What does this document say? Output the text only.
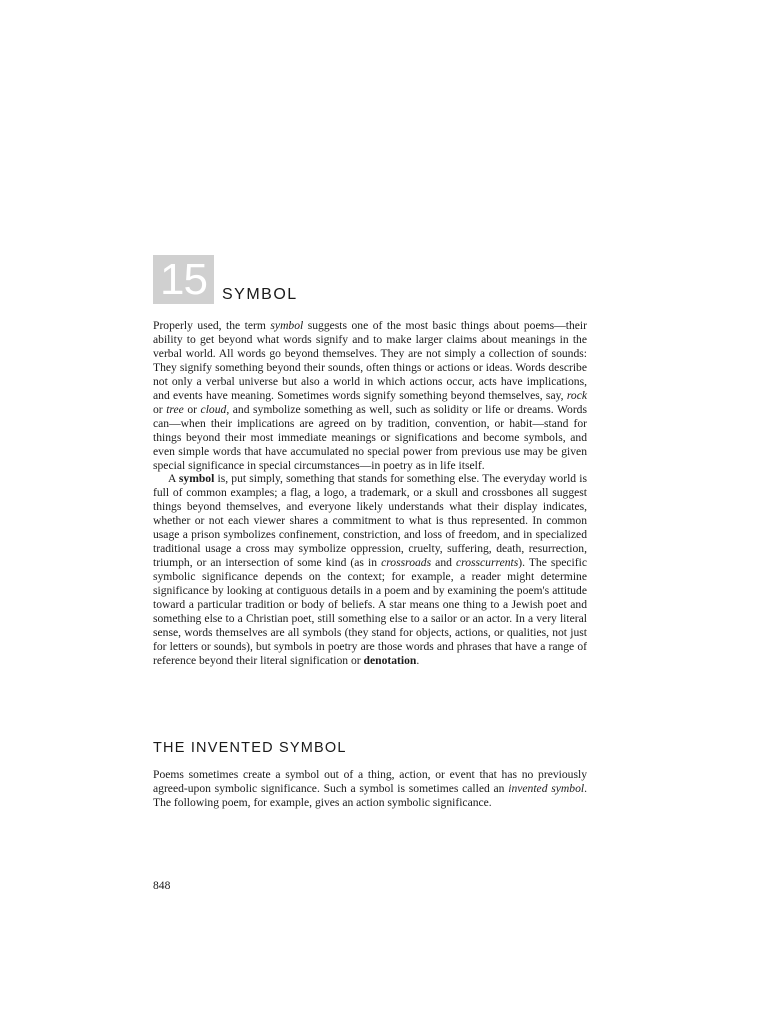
15 SYMBOL

Properly used, the term symbol suggests one of the most basic things about poems—their ability to get beyond what words signify and to make larger claims about meanings in the verbal world. All words go beyond themselves. They are not simply a collection of sounds: They signify something beyond their sounds, often things or actions or ideas. Words describe not only a verbal universe but also a world in which actions occur, acts have implications, and events have meaning. Sometimes words signify something beyond themselves, say, rock or tree or cloud, and symbolize something as well, such as solidity or life or dreams. Words can—when their implications are agreed on by tradition, convention, or habit—stand for things beyond their most immediate meanings or significations and become symbols, and even simple words that have accumulated no special power from previous use may be given special significance in special circumstances—in poetry as in life itself.

A symbol is, put simply, something that stands for something else. The everyday world is full of common examples; a flag, a logo, a trademark, or a skull and crossbones all suggest things beyond themselves, and everyone likely understands what their display indicates, whether or not each viewer shares a commitment to what is thus represented. In common usage a prison symbolizes confinement, constriction, and loss of freedom, and in specialized traditional usage a cross may symbolize oppression, cruelty, suffering, death, resurrection, triumph, or an intersection of some kind (as in crossroads and crosscurrents). The specific symbolic significance depends on the context; for example, a reader might determine significance by looking at contiguous details in a poem and by examining the poem's attitude toward a particular tradition or body of beliefs. A star means one thing to a Jewish poet and something else to a Christian poet, still something else to a sailor or an actor. In a very literal sense, words themselves are all symbols (they stand for objects, actions, or qualities, not just for letters or sounds), but symbols in poetry are those words and phrases that have a range of reference beyond their literal signification or denotation.

THE INVENTED SYMBOL

Poems sometimes create a symbol out of a thing, action, or event that has no previously agreed-upon symbolic significance. Such a symbol is sometimes called an invented symbol. The following poem, for example, gives an action symbolic significance.

848
